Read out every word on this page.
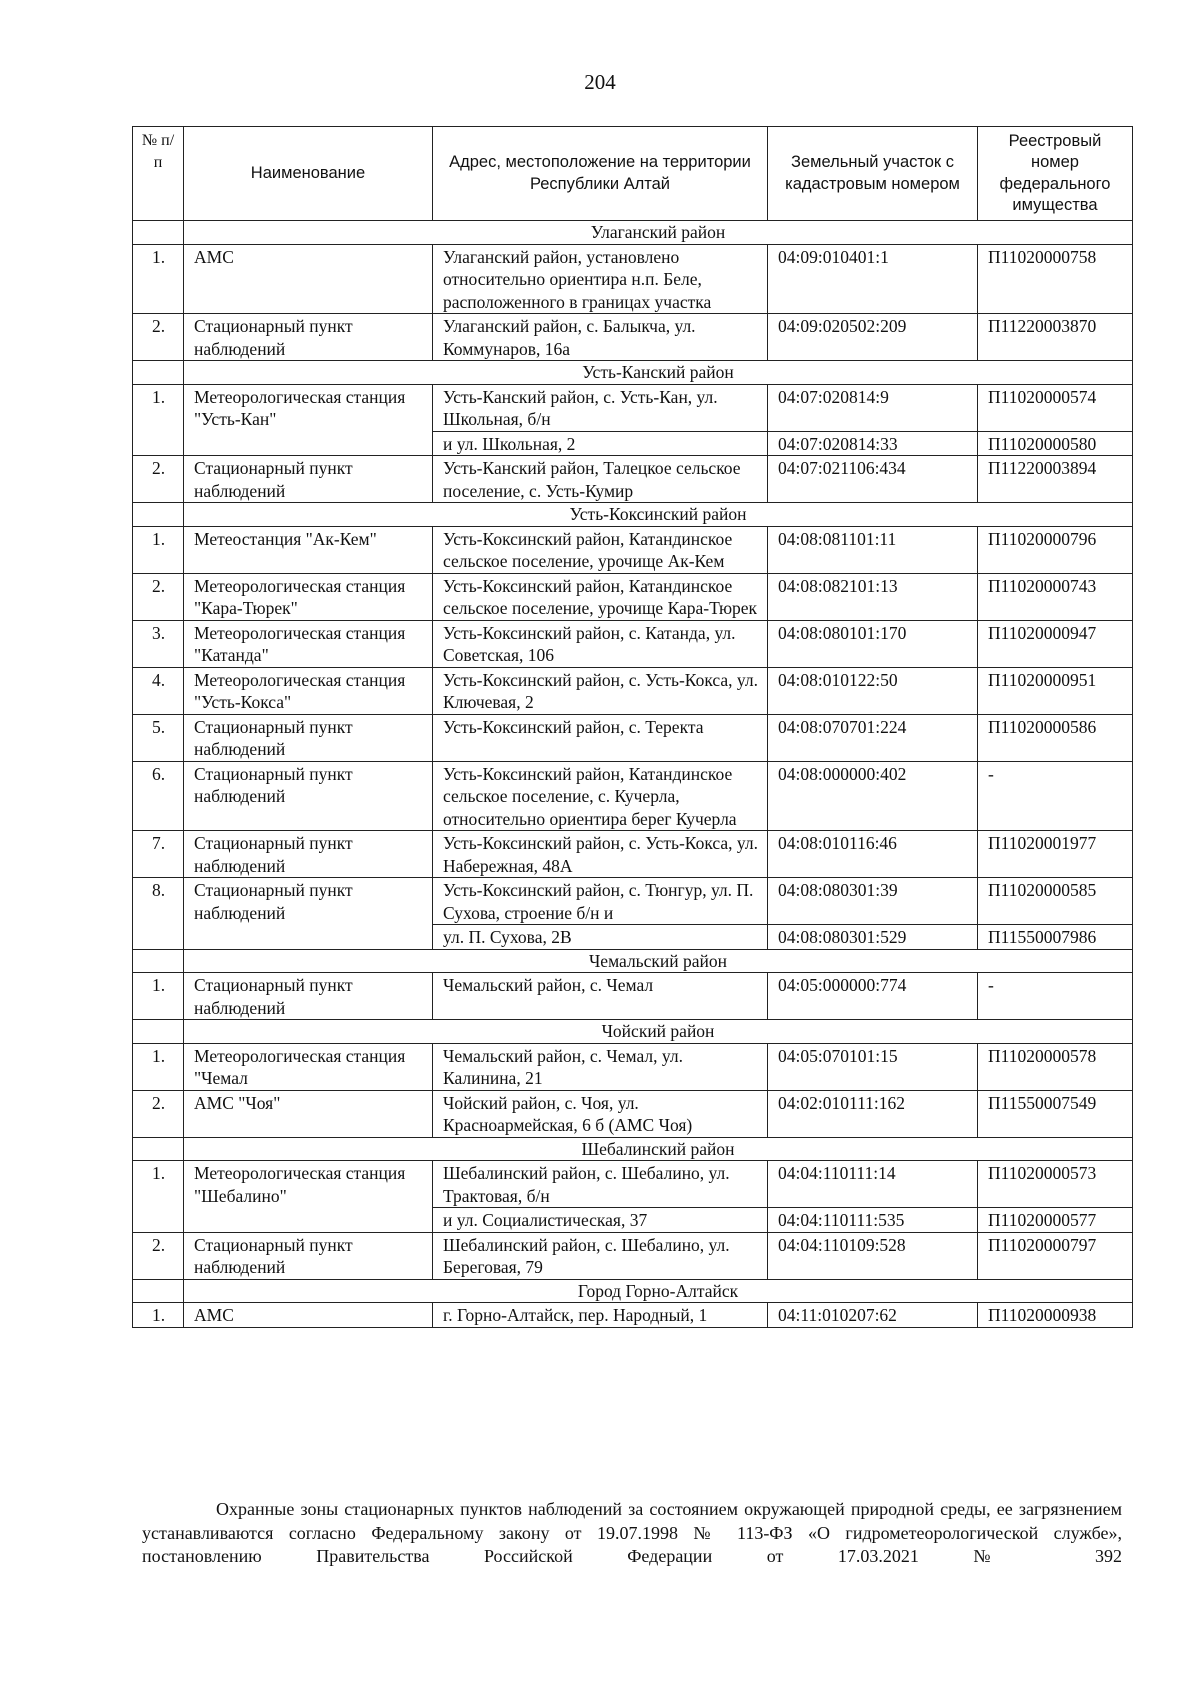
204
№ п/п	Наименование	Адрес, местоположение на территории Республики Алтай	Земельный участок с кадастровым номером	Реестровый номер федерального имущества
	Улаганский район			
1.	АМС	Улаганский район, установлено относительно ориентира н.п. Беле, расположенного в границах участка	04:09:010401:1	П11020000758
2.	Стационарный пункт наблюдений	Улаганский район, с. Балыкча, ул. Коммунаров, 16а	04:09:020502:209	П11220003870
	Усть-Канский район			
1.	Метеорологическая станция "Усть-Кан"	Усть-Канский район, с. Усть-Кан, ул. Школьная, б/н	04:07:020814:9	П11020000574
		и ул. Школьная, 2	04:07:020814:33	П11020000580
2.	Стационарный пункт наблюдений	Усть-Канский район, Талецкое сельское поселение, с. Усть-Кумир	04:07:021106:434	П11220003894
	Усть-Коксинский район			
1.	Метеостанция "Ак-Кем"	Усть-Коксинский район, Катандинское сельское поселение, урочище Ак-Кем	04:08:081101:11	П11020000796
2.	Метеорологическая станция "Кара-Тюрек"	Усть-Коксинский район, Катандинское сельское поселение, урочище Кара-Тюрек	04:08:082101:13	П11020000743
3.	Метеорологическая станция "Катанда"	Усть-Коксинский район, с. Катанда, ул. Советская, 106	04:08:080101:170	П11020000947
4.	Метеорологическая станция "Усть-Кокса"	Усть-Коксинский район, с. Усть-Кокса, ул. Ключевая, 2	04:08:010122:50	П11020000951
5.	Стационарный пункт наблюдений	Усть-Коксинский район, с. Теректа	04:08:070701:224	П11020000586
6.	Стационарный пункт наблюдений	Усть-Коксинский район, Катандинское сельское поселение, с. Кучерла, относительно ориентира берег Кучерла	04:08:000000:402	-
7.	Стационарный пункт наблюдений	Усть-Коксинский район, с. Усть-Кокса, ул. Набережная, 48А	04:08:010116:46	П11020001977
8.	Стационарный пункт наблюдений	Усть-Коксинский район, с. Тюнгур, ул. П. Сухова, строение б/н и	04:08:080301:39	П11020000585
		ул. П. Сухова, 2В	04:08:080301:529	П11550007986
	Чемальский район			
1.	Стационарный пункт наблюдений	Чемальский район, с. Чемал	04:05:000000:774	-
	Чойский район			
1.	Метеорологическая станция "Чемал	Чемальский район, с. Чемал, ул. Калинина, 21	04:05:070101:15	П11020000578
2.	АМС "Чоя"	Чойский район, с. Чоя, ул. Красноармейская, 6 б (АМС Чоя)	04:02:010111:162	П11550007549
	Шебалинский район			
1.	Метеорологическая станция "Шебалино"	Шебалинский район, с. Шебалино, ул. Трактовая, б/н	04:04:110111:14	П11020000573
		и ул. Социалистическая, 37	04:04:110111:535	П11020000577
2.	Стационарный пункт наблюдений	Шебалинский район, с. Шебалино, ул. Береговая, 79	04:04:110109:528	П11020000797
	Город Горно-Алтайск			
1.	АМС	г. Горно-Алтайск, пер. Народный, 1	04:11:010207:62	П11020000938

Охранные зоны стационарных пунктов наблюдений за состоянием окружающей природной среды, ее загрязнением устанавливаются согласно Федеральному закону от 19.07.1998 № 113-ФЗ «О гидрометеорологической службе», постановлению Правительства Российской Федерации от 17.03.2021 № 392
